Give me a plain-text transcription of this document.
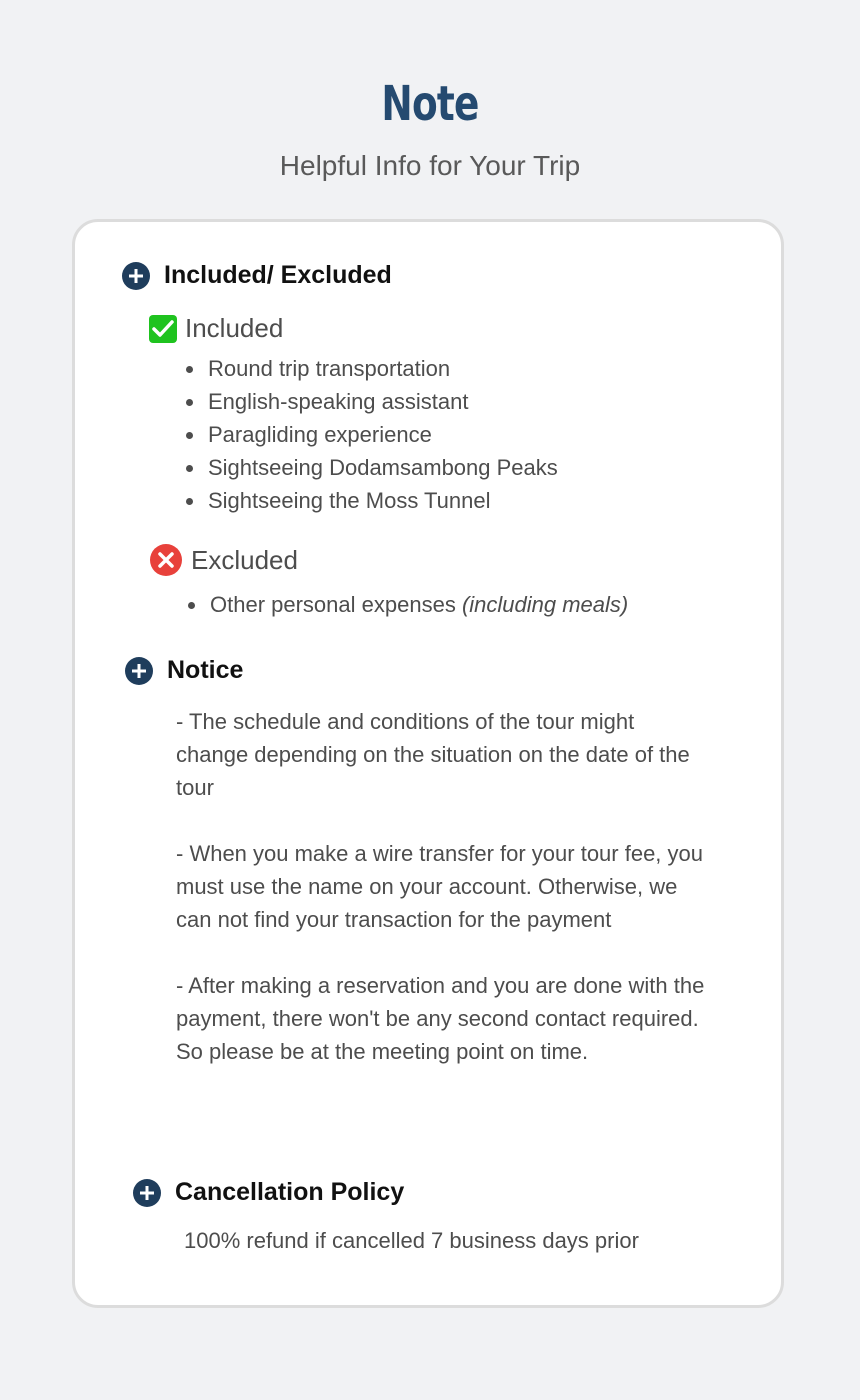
Note
Helpful Info for Your Trip
Included/ Excluded
Included
Round trip transportation
English-speaking assistant
Paragliding experience
Sightseeing Dodamsambong Peaks
Sightseeing the Moss Tunnel
Excluded
Other personal expenses (including meals)
Notice

- The schedule and conditions of the tour might change depending on the situation on the date of the tour

- When you make a wire transfer for your tour fee, you must use the name on your account. Otherwise, we can not find your transaction for the payment

- After making a reservation and you are done with the payment, there won't be any second contact required. So please be at the meeting point on time.

Cancellation Policy
100% refund if cancelled 7 business days prior
